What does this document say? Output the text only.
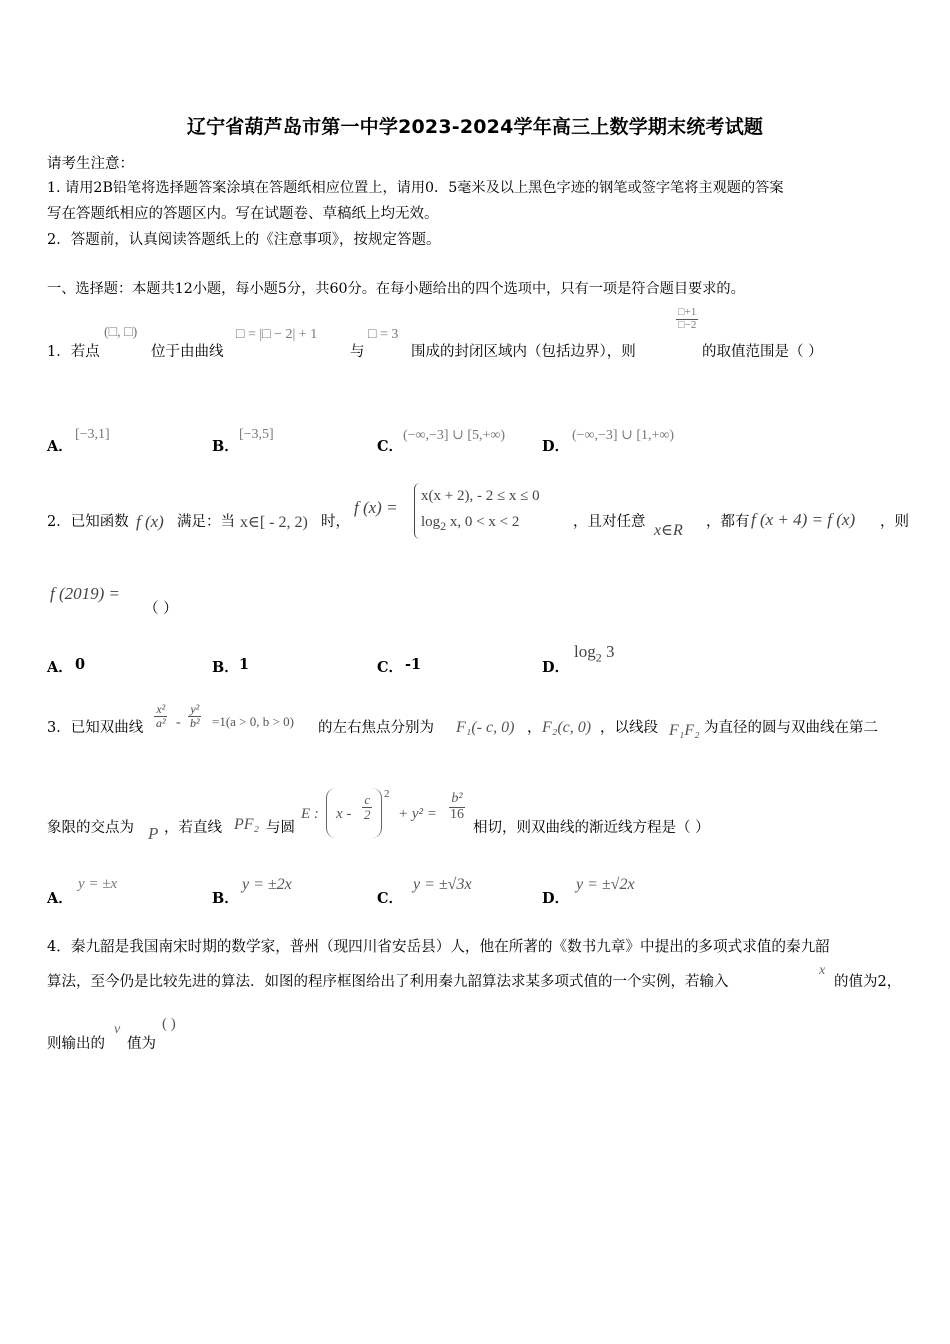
辽宁省葫芦岛市第一中学2023-2024学年高三上数学期末统考试题
请考生注意：
1. 请用2B铅笔将选择题答案涂填在答题纸相应位置上，请用0．5毫米及以上黑色字迹的钢笔或签字笔将主观题的答案
写在答题纸相应的答题区内。写在试题卷、草稿纸上均无效。
2．答题前，认真阅读答题纸上的《注意事项》，按规定答题。
一、选择题：本题共12小题，每小题5分，共60分。在每小题给出的四个选项中，只有一项是符合题目要求的。
1．若点
(□, □)
位于由曲线
□ = |□ − 2| + 1
与
□ = 3
围成的封闭区域内（包括边界），则
$\frac{□+1}{□-2}$
的取值范围是（ ）
A．
[−3,1]
B．
[−3,5]
C．
(−∞,−3] ∪ [5,+∞)
D．
(−∞,−3] ∪ [1,+∞)
2．已知函数 f (x) 满足：当 x∈[ - 2, 2) 时，
f (x) =
x(x + 2), - 2 ≤ x ≤ 0
$\log_2 x$, 0 < x < 2	，且对任意 x∈R ，都有 f (x + 4) = f (x) ，则
f (2019) =
（ ）
A． 0	B． 1	C． -1	D．
$\log_2 3$
3．已知双曲线 $\frac{\text{x²}}{\text{a²}} - \frac{\text{y²}}{\text{b²}} =1(a > 0$, b > 0) 的左右焦点分别为 F₁(- c, 0) ， F₂(c, 0) ，以线段 F₁F₂ 为直径的圆与双曲线在第二
象限的交点为 P ，若直线 PF₂ 与圆
E : x - $\frac{c}{2} 2$
+ $y^2 = \frac{\text{b²}}{16}$
相切，则双曲线的渐近线方程是（ ）
A．
y = ±x
B．
y = ±2x
C．
y = ±√3x
D．
y = ±√2x
4．秦九韶是我国南宋时期的数学家，普州（现四川省安岳县）人，他在所著的《数书九章》中提出的多项式求值的秦九韶
算法，至今仍是比较先进的算法．如图的程序框图给出了利用秦九韶算法求某多项式值的一个实例，若输入
x
的值为2，
则输出的
v
值为
( )
